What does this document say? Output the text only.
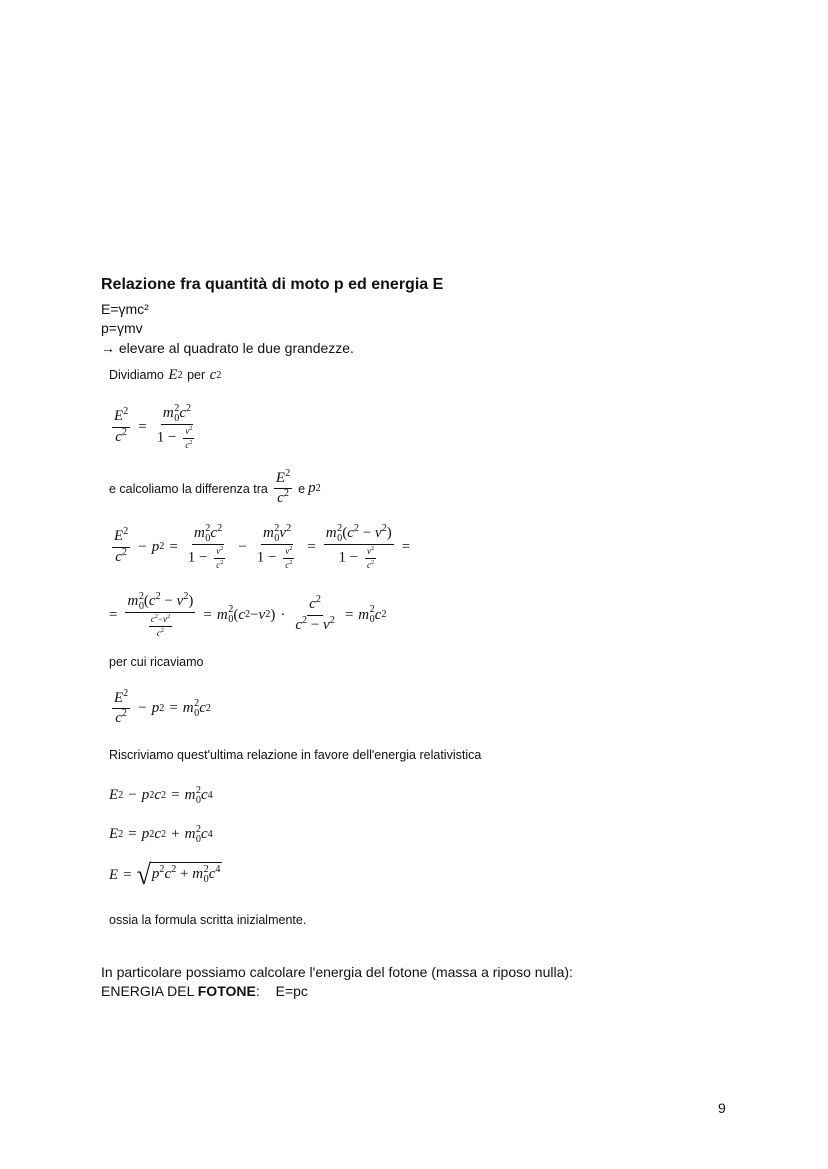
Relazione fra quantità di moto p ed energia E
E=γmc²
p=γmv
→ elevare al quadrato le due grandezze.
Dividiamo E 2 per c 2
$\frac{E^2}{c^2} = m$ 2
0 $c^2$
$1 - \frac{v^2}{c^2}$
e calcoliamo la differenza tra $\frac{E^2}{c^2}$ e p 2
$\frac{E^2}{c^2} - p$ 2 = m 2
0 $c^2$
$1 - \frac{v^2}{c^2} - m$ 2
0 $v^2$
$1 - \frac{v^2}{c^2} = m$ 2
0 $(c^2 - v^2)$
$1 - \frac{v^2}{c^2}$ =
= m 2
0 $(c^2 - v^2)$
$\frac{c^2-v^2}{c^2} = m$ 2
0 ( c 2 − v 2 ) · $\frac{c^2}{c^2 - v^2} = m$ 2
0 c 2
per cui ricaviamo
$\frac{E^2}{c^2} - p$ 2 = m 2
0 c 2
Riscriviamo quest'ultima relazione in favore dell'energia relativistica
E 2 − p 2 c 2 = m 2
0 c 4
E 2 = p 2 c 2 + m 2
0 c 4
E = √ $p^2c^2 + m$ 2
0 $c^4$
ossia la formula scritta inizialmente.
In particolare possiamo calcolare l'energia del fotone (massa a riposo nulla):
ENERGIA DEL FOTONE: E=pc
9
